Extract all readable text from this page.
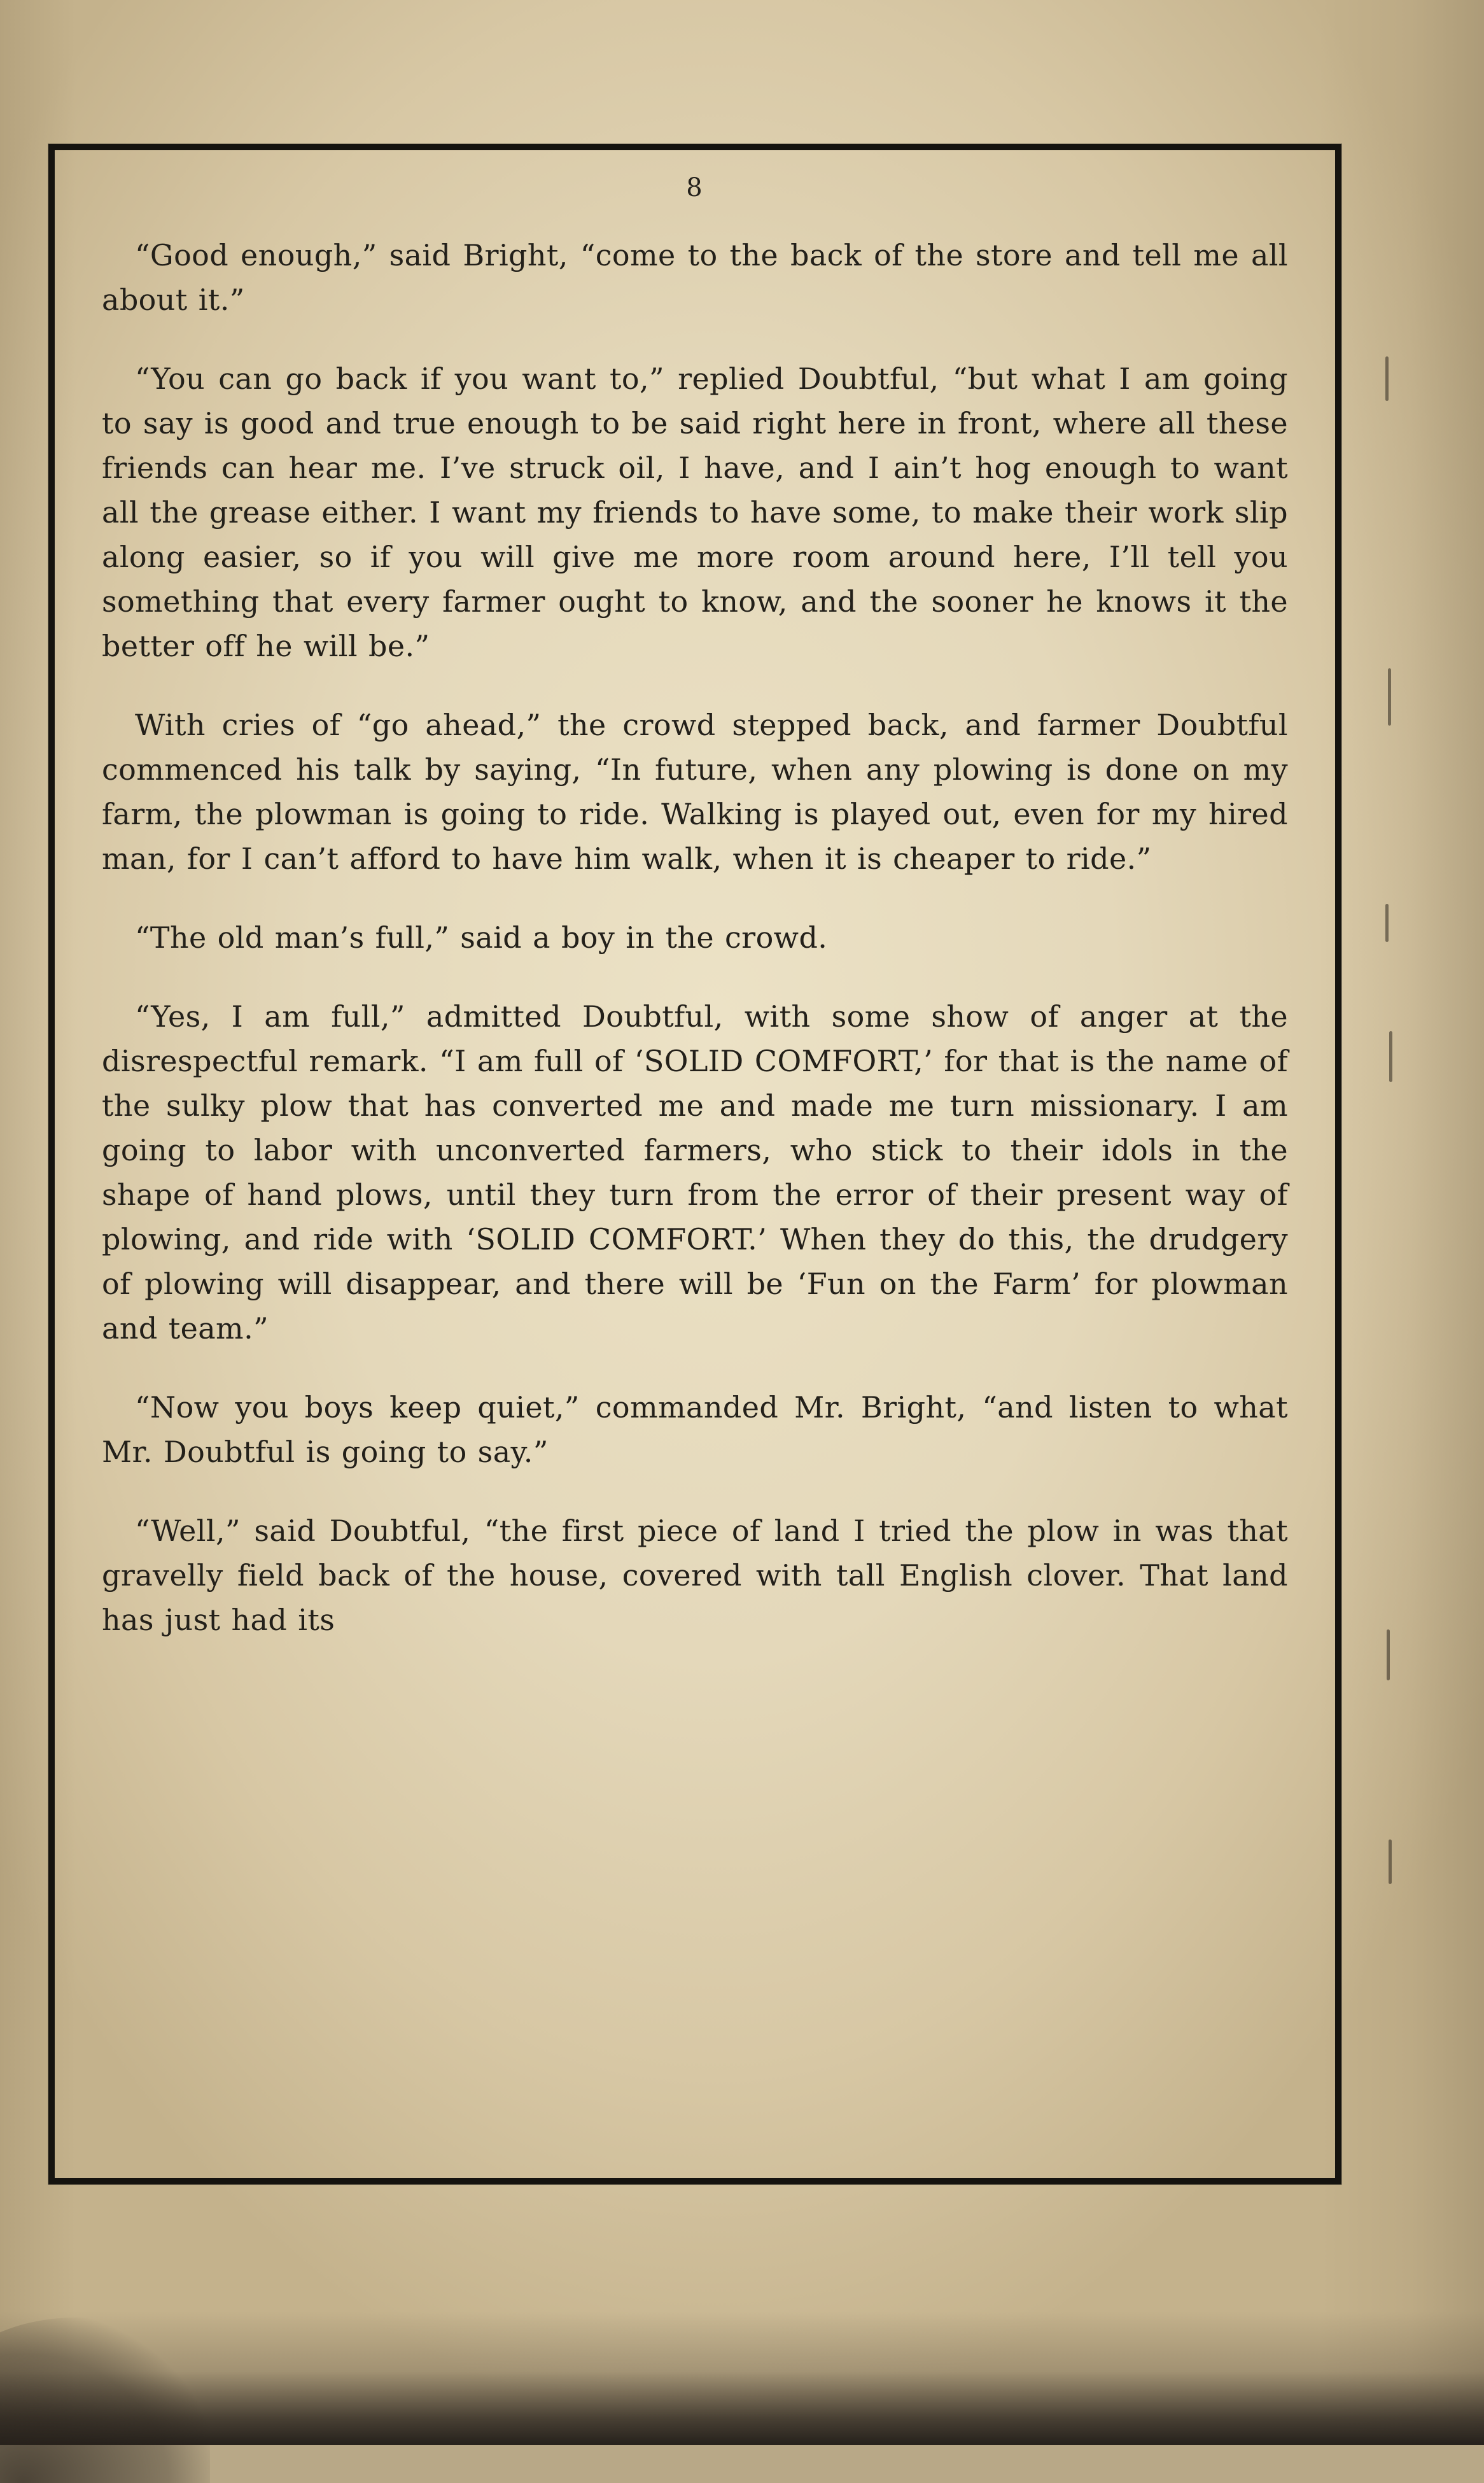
8

“Good enough,” said Bright, “come to the back of the store and tell me all about it.”

“You can go back if you want to,” replied Doubtful, “but what I am going to say is good and true enough to be said right here in front, where all these friends can hear me. I’ve struck oil, I have, and I ain’t hog enough to want all the grease either. I want my friends to have some, to make their work slip along easier, so if you will give me more room around here, I’ll tell you something that every farmer ought to know, and the sooner he knows it the better off he will be.”

With cries of “go ahead,” the crowd stepped back, and farmer Doubtful commenced his talk by saying, “In future, when any plowing is done on my farm, the plowman is going to ride. Walking is played out, even for my hired man, for I can’t afford to have him walk, when it is cheaper to ride.”

“The old man’s full,” said a boy in the crowd.

“Yes, I am full,” admitted Doubtful, with some show of anger at the disrespectful remark. “I am full of ‘SOLID COMFORT,’ for that is the name of the sulky plow that has converted me and made me turn missionary. I am going to labor with unconverted farmers, who stick to their idols in the shape of hand plows, until they turn from the error of their present way of plowing, and ride with ‘SOLID COMFORT.’ When they do this, the drudgery of plowing will disappear, and there will be ‘Fun on the Farm’ for plowman and team.”

“Now you boys keep quiet,” commanded Mr. Bright, “and listen to what Mr. Doubtful is going to say.”

“Well,” said Doubtful, “the first piece of land I tried the plow in was that gravelly field back of the house, covered with tall English clover. That land has just had its
